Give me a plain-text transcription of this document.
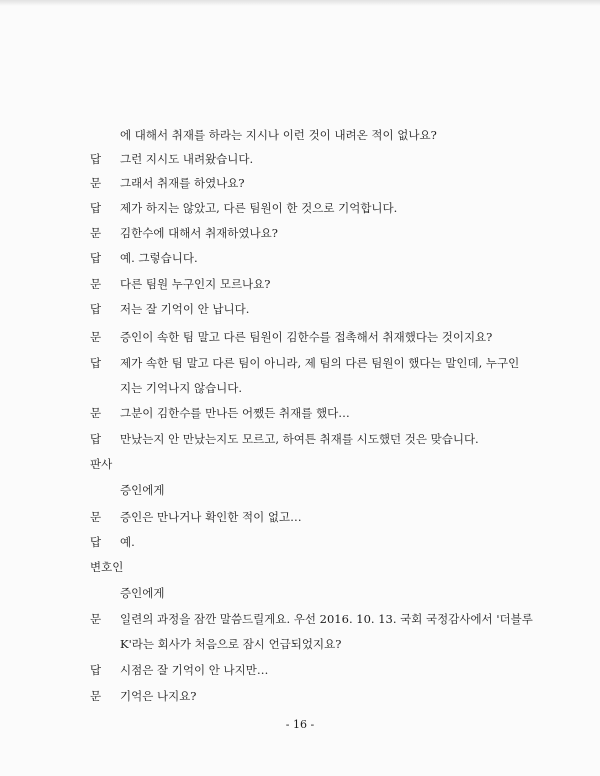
에 대해서 취재를 하라는 지시나 이런 것이 내려온 적이 없나요?
답 그런 지시도 내려왔습니다.
문 그래서 취재를 하였나요?
답 제가 하지는 않았고, 다른 팀원이 한 것으로 기억합니다.
문 김한수에 대해서 취재하였나요?
답 예. 그렇습니다.
문 다른 팀원 누구인지 모르나요?
답 저는 잘 기억이 안 납니다.
문 증인이 속한 팀 말고 다른 팀원이 김한수를 접촉해서 취재했다는 것이지요?
답 제가 속한 팀 말고 다른 팀이 아니라, 제 팀의 다른 팀원이 했다는 말인데, 누구인
지는 기억나지 않습니다.
문 그분이 김한수를 만나든 어쨌든 취재를 했다…
답 만났는지 안 만났는지도 모르고, 하여튼 취재를 시도했던 것은 맞습니다.
판사
증인에게
문 증인은 만나거나 확인한 적이 없고…
답 예.
변호인
증인에게
문 일련의 과정을 잠깐 말씀드릴게요. 우선 2016. 10. 13. 국회 국정감사에서 '더블루
K'라는 회사가 처음으로 잠시 언급되었지요?
답 시점은 잘 기억이 안 나지만…
문 기억은 나지요?
- 16 -
